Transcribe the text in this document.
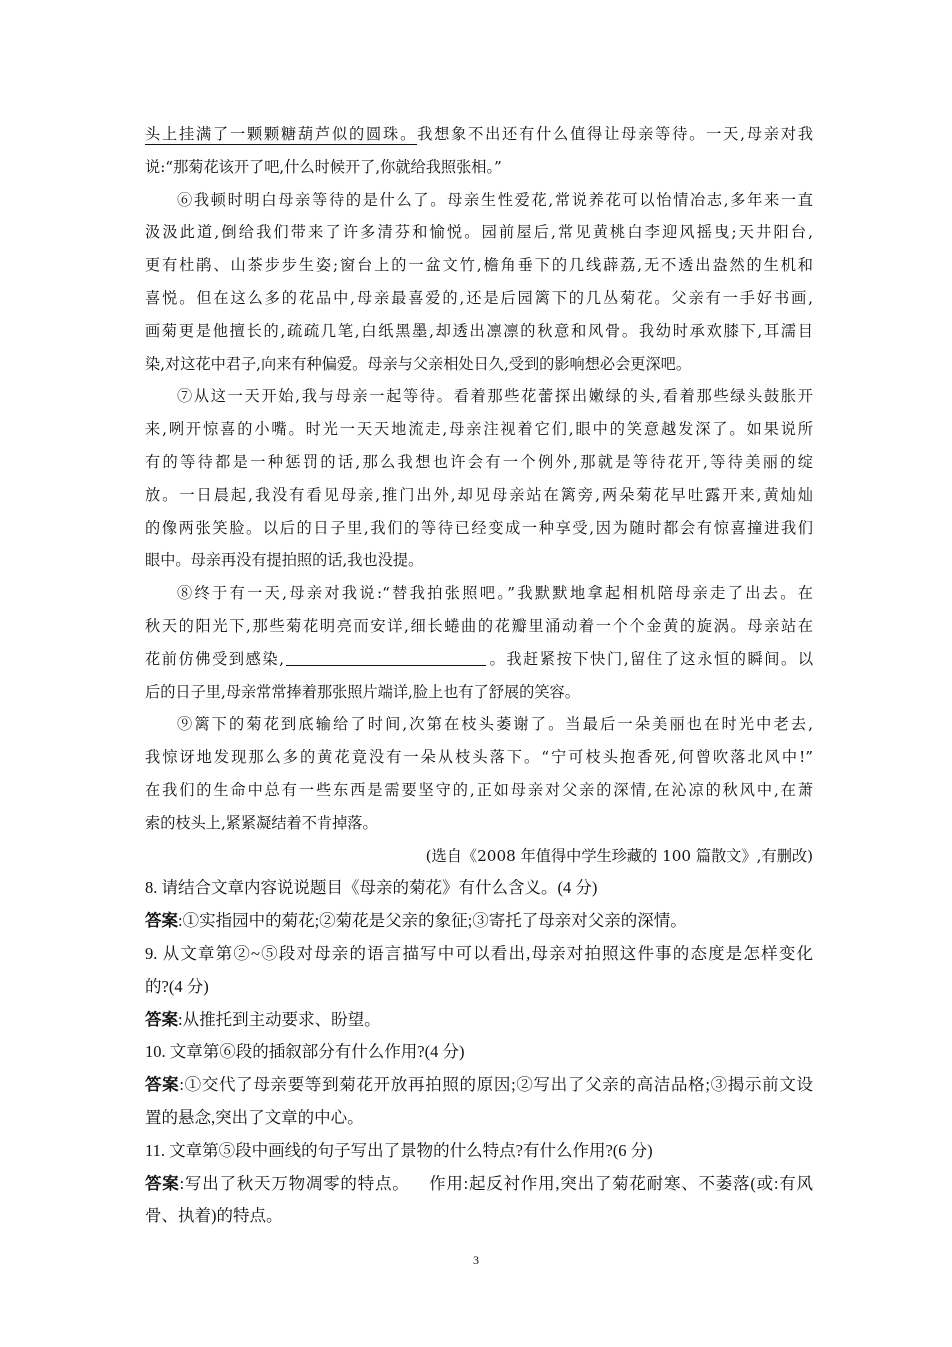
头上挂满了一颗颗糖葫芦似的圆珠。我想象不出还有什么值得让母亲等待。一天,母亲对我
说:“那菊花该开了吧,什么时候开了,你就给我照张相。”
⑥我顿时明白母亲等待的是什么了。母亲生性爱花,常说养花可以怡情冶志,多年来一直
汲汲此道,倒给我们带来了许多清芬和愉悦。园前屋后,常见黄桃白李迎风摇曳;天井阳台,
更有杜鹃、山茶步步生姿;窗台上的一盆文竹,檐角垂下的几线薜荔,无不透出盎然的生机和
喜悦。但在这么多的花品中,母亲最喜爱的,还是后园篱下的几丛菊花。父亲有一手好书画,
画菊更是他擅长的,疏疏几笔,白纸黑墨,却透出凛凛的秋意和风骨。我幼时承欢膝下,耳濡目
染,对这花中君子,向来有种偏爱。母亲与父亲相处日久,受到的影响想必会更深吧。
⑦从这一天开始,我与母亲一起等待。看着那些花蕾探出嫩绿的头,看着那些绿头鼓胀开
来,咧开惊喜的小嘴。时光一天天地流走,母亲注视着它们,眼中的笑意越发深了。如果说所
有的等待都是一种惩罚的话,那么我想也许会有一个例外,那就是等待花开,等待美丽的绽
放。一日晨起,我没有看见母亲,推门出外,却见母亲站在篱旁,两朵菊花早吐露开来,黄灿灿
的像两张笑脸。以后的日子里,我们的等待已经变成一种享受,因为随时都会有惊喜撞进我们
眼中。母亲再没有提拍照的话,我也没提。
⑧终于有一天,母亲对我说:“替我拍张照吧。”我默默地拿起相机陪母亲走了出去。在
秋天的阳光下,那些菊花明亮而安详,细长蜷曲的花瓣里涌动着一个个金黄的旋涡。母亲站在
花前仿佛受到感染,	。我赶紧按下快门,留住了这永恒的瞬间。以
后的日子里,母亲常常捧着那张照片端详,脸上也有了舒展的笑容。
⑨篱下的菊花到底输给了时间,次第在枝头萎谢了。当最后一朵美丽也在时光中老去,
我惊讶地发现那么多的黄花竟没有一朵从枝头落下。“宁可枝头抱香死,何曾吹落北风中!”
在我们的生命中总有一些东西是需要坚守的,正如母亲对父亲的深情,在沁凉的秋风中,在萧
索的枝头上,紧紧凝结着不肯掉落。
(选自《2008 年值得中学生珍藏的 100 篇散文》,有删改)
8. 请结合文章内容说说题目《母亲的菊花》有什么含义。(4 分)
答案:①实指园中的菊花;②菊花是父亲的象征;③寄托了母亲对父亲的深情。
9. 从文章第②~⑤段对母亲的语言描写中可以看出,母亲对拍照这件事的态度是怎样变化
的?(4 分)
答案:从推托到主动要求、盼望。
10. 文章第⑥段的插叙部分有什么作用?(4 分)
答案:①交代了母亲要等到菊花开放再拍照的原因;②写出了父亲的高洁品格;③揭示前文设
置的悬念,突出了文章的中心。
11. 文章第⑤段中画线的句子写出了景物的什么特点?有什么作用?(6 分)
答案:写出了秋天万物凋零的特点。    作用:起反衬作用,突出了菊花耐寒、不萎落(或:有风
骨、执着)的特点。
3
